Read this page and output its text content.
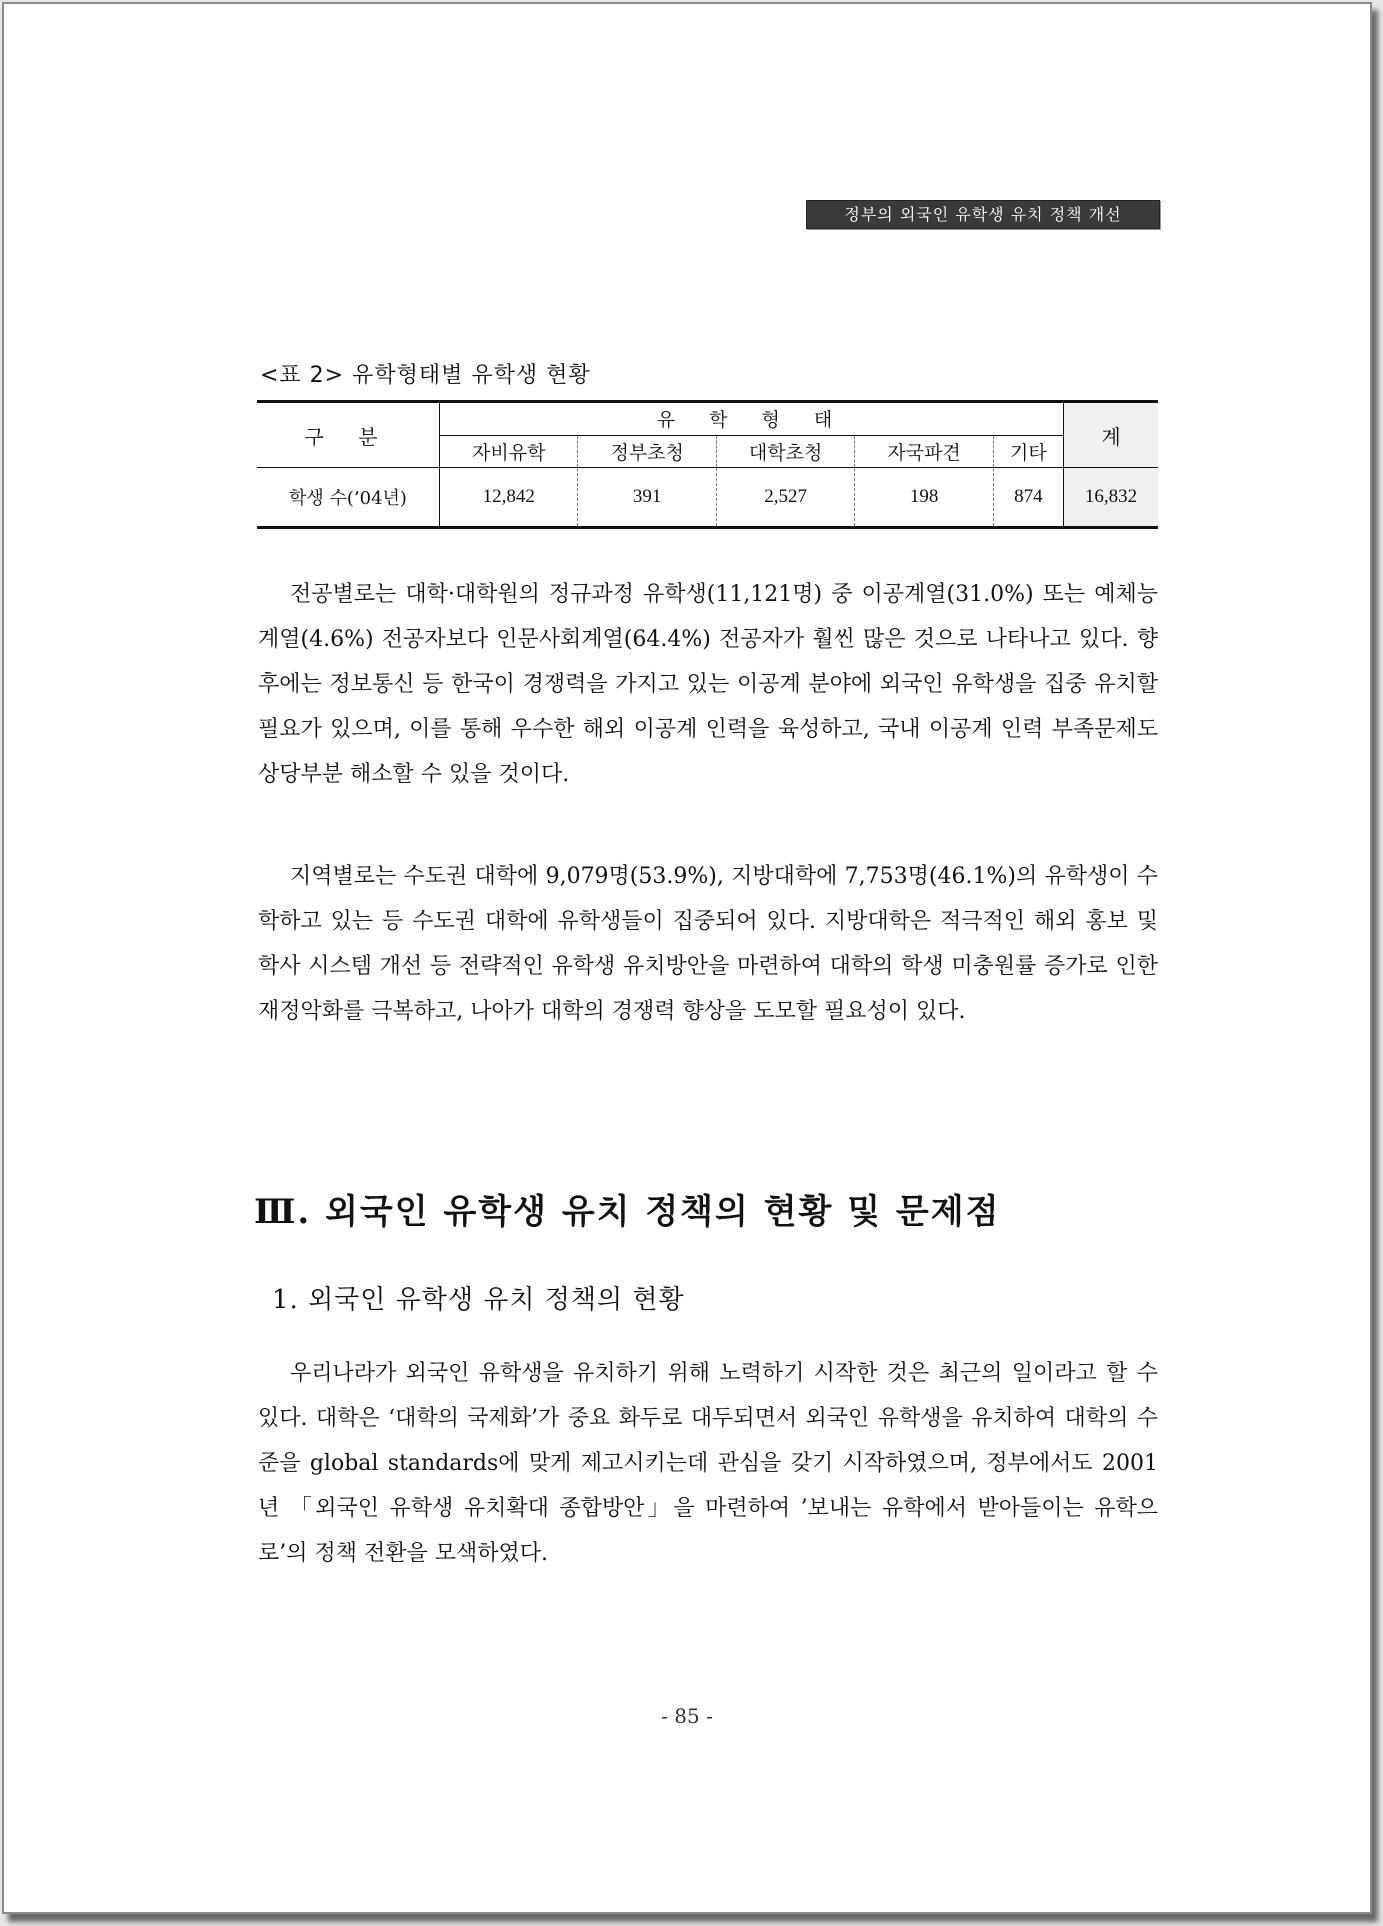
정부의 외국인 유학생 유치 정책 개선
<표 2> 유학형태별 유학생 현황
구 분	유 학 형 태					계
	자비유학	정부초청	대학초청	자국파견	기타	
학생 수(’04년)	12,842	391	2,527	198	874	16,832

전공별로는 대학·대학원의 정규과정 유학생(11,121명) 중 이공계열(31.0%) 또는 예체능계열(4.6%) 전공자보다 인문사회계열(64.4%) 전공자가 훨씬 많은 것으로 나타나고 있다. 향후에는 정보통신 등 한국이 경쟁력을 가지고 있는 이공계 분야에 외국인 유학생을 집중 유치할 필요가 있으며, 이를 통해 우수한 해외 이공계 인력을 육성하고, 국내 이공계 인력 부족문제도 상당부분 해소할 수 있을 것이다.

지역별로는 수도권 대학에 9,079명(53.9%), 지방대학에 7,753명(46.1%)의 유학생이 수학하고 있는 등 수도권 대학에 유학생들이 집중되어 있다. 지방대학은 적극적인 해외 홍보 및 학사 시스템 개선 등 전략적인 유학생 유치방안을 마련하여 대학의 학생 미충원률 증가로 인한 재정악화를 극복하고, 나아가 대학의 경쟁력 향상을 도모할 필요성이 있다.

Ⅲ. 외국인 유학생 유치 정책의 현황 및 문제점
1. 외국인 유학생 유치 정책의 현황

우리나라가 외국인 유학생을 유치하기 위해 노력하기 시작한 것은 최근의 일이라고 할 수 있다. 대학은 ‘대학의 국제화’가 중요 화두로 대두되면서 외국인 유학생을 유치하여 대학의 수준을 global standards에 맞게 제고시키는데 관심을 갖기 시작하였으며, 정부에서도 2001년 「외국인 유학생 유치확대 종합방안」을 마련하여 ’보내는 유학에서 받아들이는 유학으로’의 정책 전환을 모색하였다.

- 85 -
